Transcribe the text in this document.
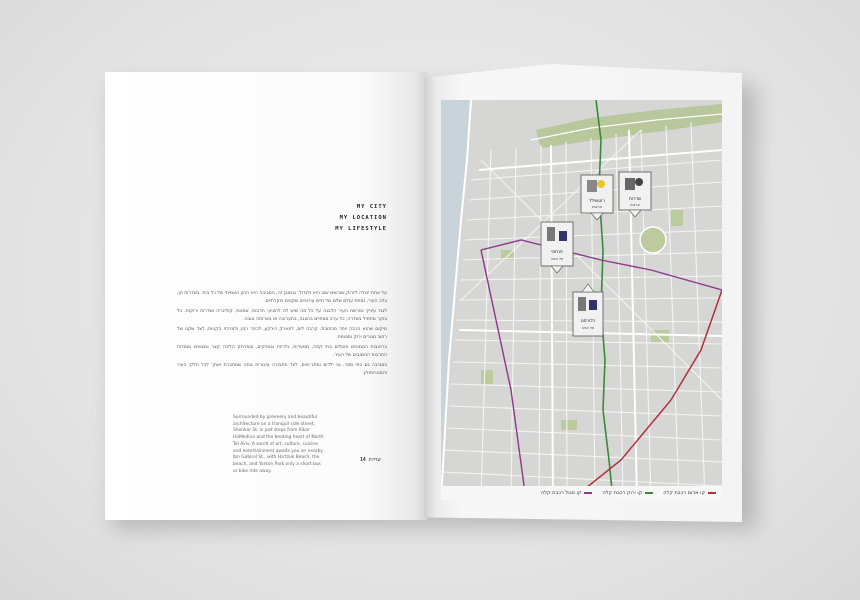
MY CITY
MY LOCATION
MY LIFESTYLE

על אחת יכולה לזרוק שורשים שוב היא ולגדול. ובמובן זה, הסביבה היא ההון האמיתי של כל בית. בשדרות חן, בלב העיר, נפתח עולם שלם של חיים עירוניים שקטים ויוקרתיים.

לנגד עינייך נפרשת העיר הלבנה על כל מה שיש לה להציע: תרבות, אמנות, קולינריה ושדרות ירוקות. כל בוקר מתחיל בשדרה, כל ערב מסתיים בהצגה, בתערוכה או בארוחה טובה.

מיקום שהוא הרבה יותר מכתובת. קרבה לים, לפארק הירקון, לכיכר רבין ולמרכזי הקניות, לצד שקט של רחוב מגורים ירוק ומטופח.

ברחובות הסמוכים פועלים בתי קפה, מסעדות, גלריות ובוטיקים, ובמרחק הליכה קצר נמצאים מוסדות התרבות החשובים של העיר.

בסביבה גם בתי ספר, גני ילדים ומתנ״סים, לצד תחבורה ציבורית נוחה שמחברת אותך לכל חלקי העיר והמטרופולין.

Surrounded by greenery and beautiful architecture on a tranquil side street, Shenkar St. is just steps from Kikar HaMedina and the beating heart of North Tel Aviv. A world of art, culture, cuisine and entertainment awaits you on nearby Ibn Gabirol St., with Ha'tzuk Beach, the beach, and Yarkon Park only a short bus or bike ride away.
שדרות 14
רוטשילד
ארצות
שדרות
ארצות
פנחסי
תל אביב
כלורסט
תל אביב
קו אדום רכבת קלה
קו ירוק רכבת קלה
קו סגול רכבת קלה
